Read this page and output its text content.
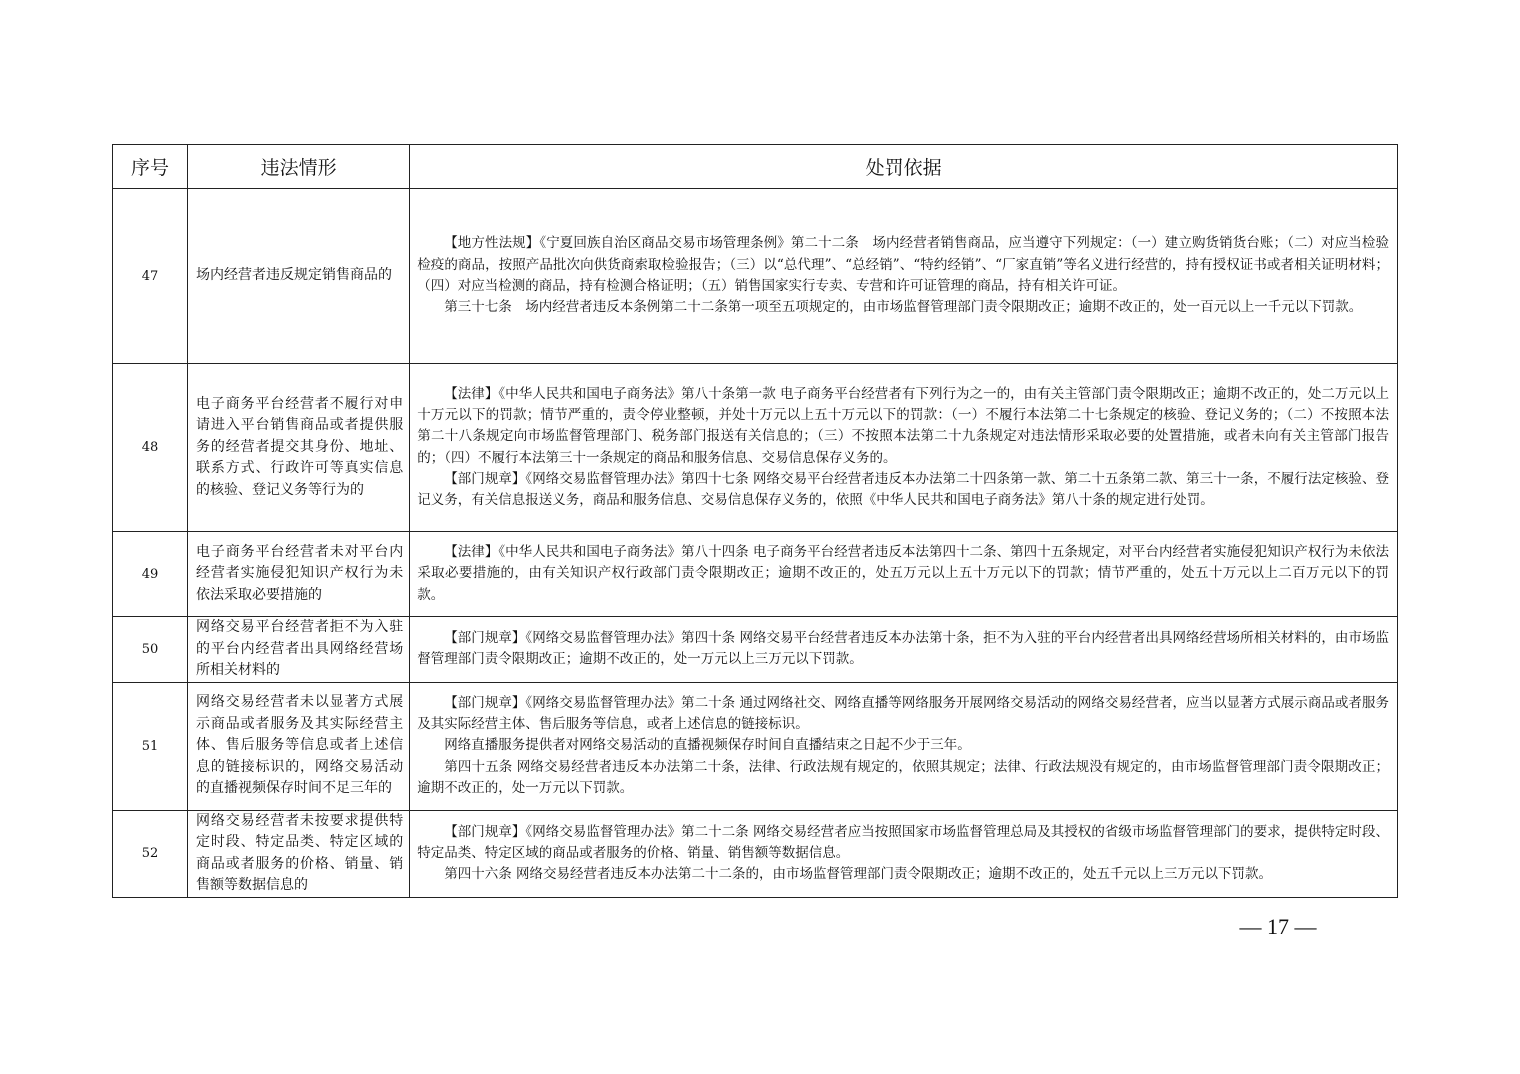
序号	违法情形	处罚依据
47	场内经营者违反规定销售商品的	【地方性法规】《宁夏回族自治区商品交易市场管理条例》第二十二条　场内经营者销售商品，应当遵守下列规定：（一）建立购货销货台账；（二）对应当检验检疫的商品，按照产品批次向供货商索取检验报告；（三）以“总代理”、“总经销”、“特约经销”、“厂家直销”等名义进行经营的，持有授权证书或者相关证明材料；（四）对应当检测的商品，持有检测合格证明；（五）销售国家实行专卖、专营和许可证管理的商品，持有相关许可证。

第三十七条　场内经营者违反本条例第二十二条第一项至五项规定的，由市场监督管理部门责令限期改正；逾期不改正的，处一百元以上一千元以下罚款。

48	电子商务平台经营者不履行对申请进入平台销售商品或者提供服务的经营者提交其身份、地址、联系方式、行政许可等真实信息的核验、登记义务等行为的	【法律】《中华人民共和国电子商务法》第八十条第一款 电子商务平台经营者有下列行为之一的，由有关主管部门责令限期改正；逾期不改正的，处二万元以上十万元以下的罚款；情节严重的，责令停业整顿，并处十万元以上五十万元以下的罚款：（一）不履行本法第二十七条规定的核验、登记义务的；（二）不按照本法第二十八条规定向市场监督管理部门、税务部门报送有关信息的；（三）不按照本法第二十九条规定对违法情形采取必要的处置措施，或者未向有关主管部门报告的；（四）不履行本法第三十一条规定的商品和服务信息、交易信息保存义务的。

【部门规章】《网络交易监督管理办法》第四十七条 网络交易平台经营者违反本办法第二十四条第一款、第二十五条第二款、第三十一条，不履行法定核验、登记义务，有关信息报送义务，商品和服务信息、交易信息保存义务的，依照《中华人民共和国电子商务法》第八十条的规定进行处罚。

49	电子商务平台经营者未对平台内经营者实施侵犯知识产权行为未依法采取必要措施的	【法律】《中华人民共和国电子商务法》第八十四条 电子商务平台经营者违反本法第四十二条、第四十五条规定，对平台内经营者实施侵犯知识产权行为未依法采取必要措施的，由有关知识产权行政部门责令限期改正；逾期不改正的，处五万元以上五十万元以下的罚款；情节严重的，处五十万元以上二百万元以下的罚款。

50	网络交易平台经营者拒不为入驻的平台内经营者出具网络经营场所相关材料的	【部门规章】《网络交易监督管理办法》第四十条 网络交易平台经营者违反本办法第十条，拒不为入驻的平台内经营者出具网络经营场所相关材料的，由市场监督管理部门责令限期改正；逾期不改正的，处一万元以上三万元以下罚款。

51	网络交易经营者未以显著方式展示商品或者服务及其实际经营主体、售后服务等信息或者上述信息的链接标识的，网络交易活动的直播视频保存时间不足三年的	【部门规章】《网络交易监督管理办法》第二十条 通过网络社交、网络直播等网络服务开展网络交易活动的网络交易经营者，应当以显著方式展示商品或者服务及其实际经营主体、售后服务等信息，或者上述信息的链接标识。

网络直播服务提供者对网络交易活动的直播视频保存时间自直播结束之日起不少于三年。

第四十五条 网络交易经营者违反本办法第二十条，法律、行政法规有规定的，依照其规定；法律、行政法规没有规定的，由市场监督管理部门责令限期改正；逾期不改正的，处一万元以下罚款。

52	网络交易经营者未按要求提供特定时段、特定品类、特定区域的商品或者服务的价格、销量、销售额等数据信息的	【部门规章】《网络交易监督管理办法》第二十二条 网络交易经营者应当按照国家市场监督管理总局及其授权的省级市场监督管理部门的要求，提供特定时段、特定品类、特定区域的商品或者服务的价格、销量、销售额等数据信息。

第四十六条 网络交易经营者违反本办法第二十二条的，由市场监督管理部门责令限期改正；逾期不改正的，处五千元以上三万元以下罚款。

— 17 —
